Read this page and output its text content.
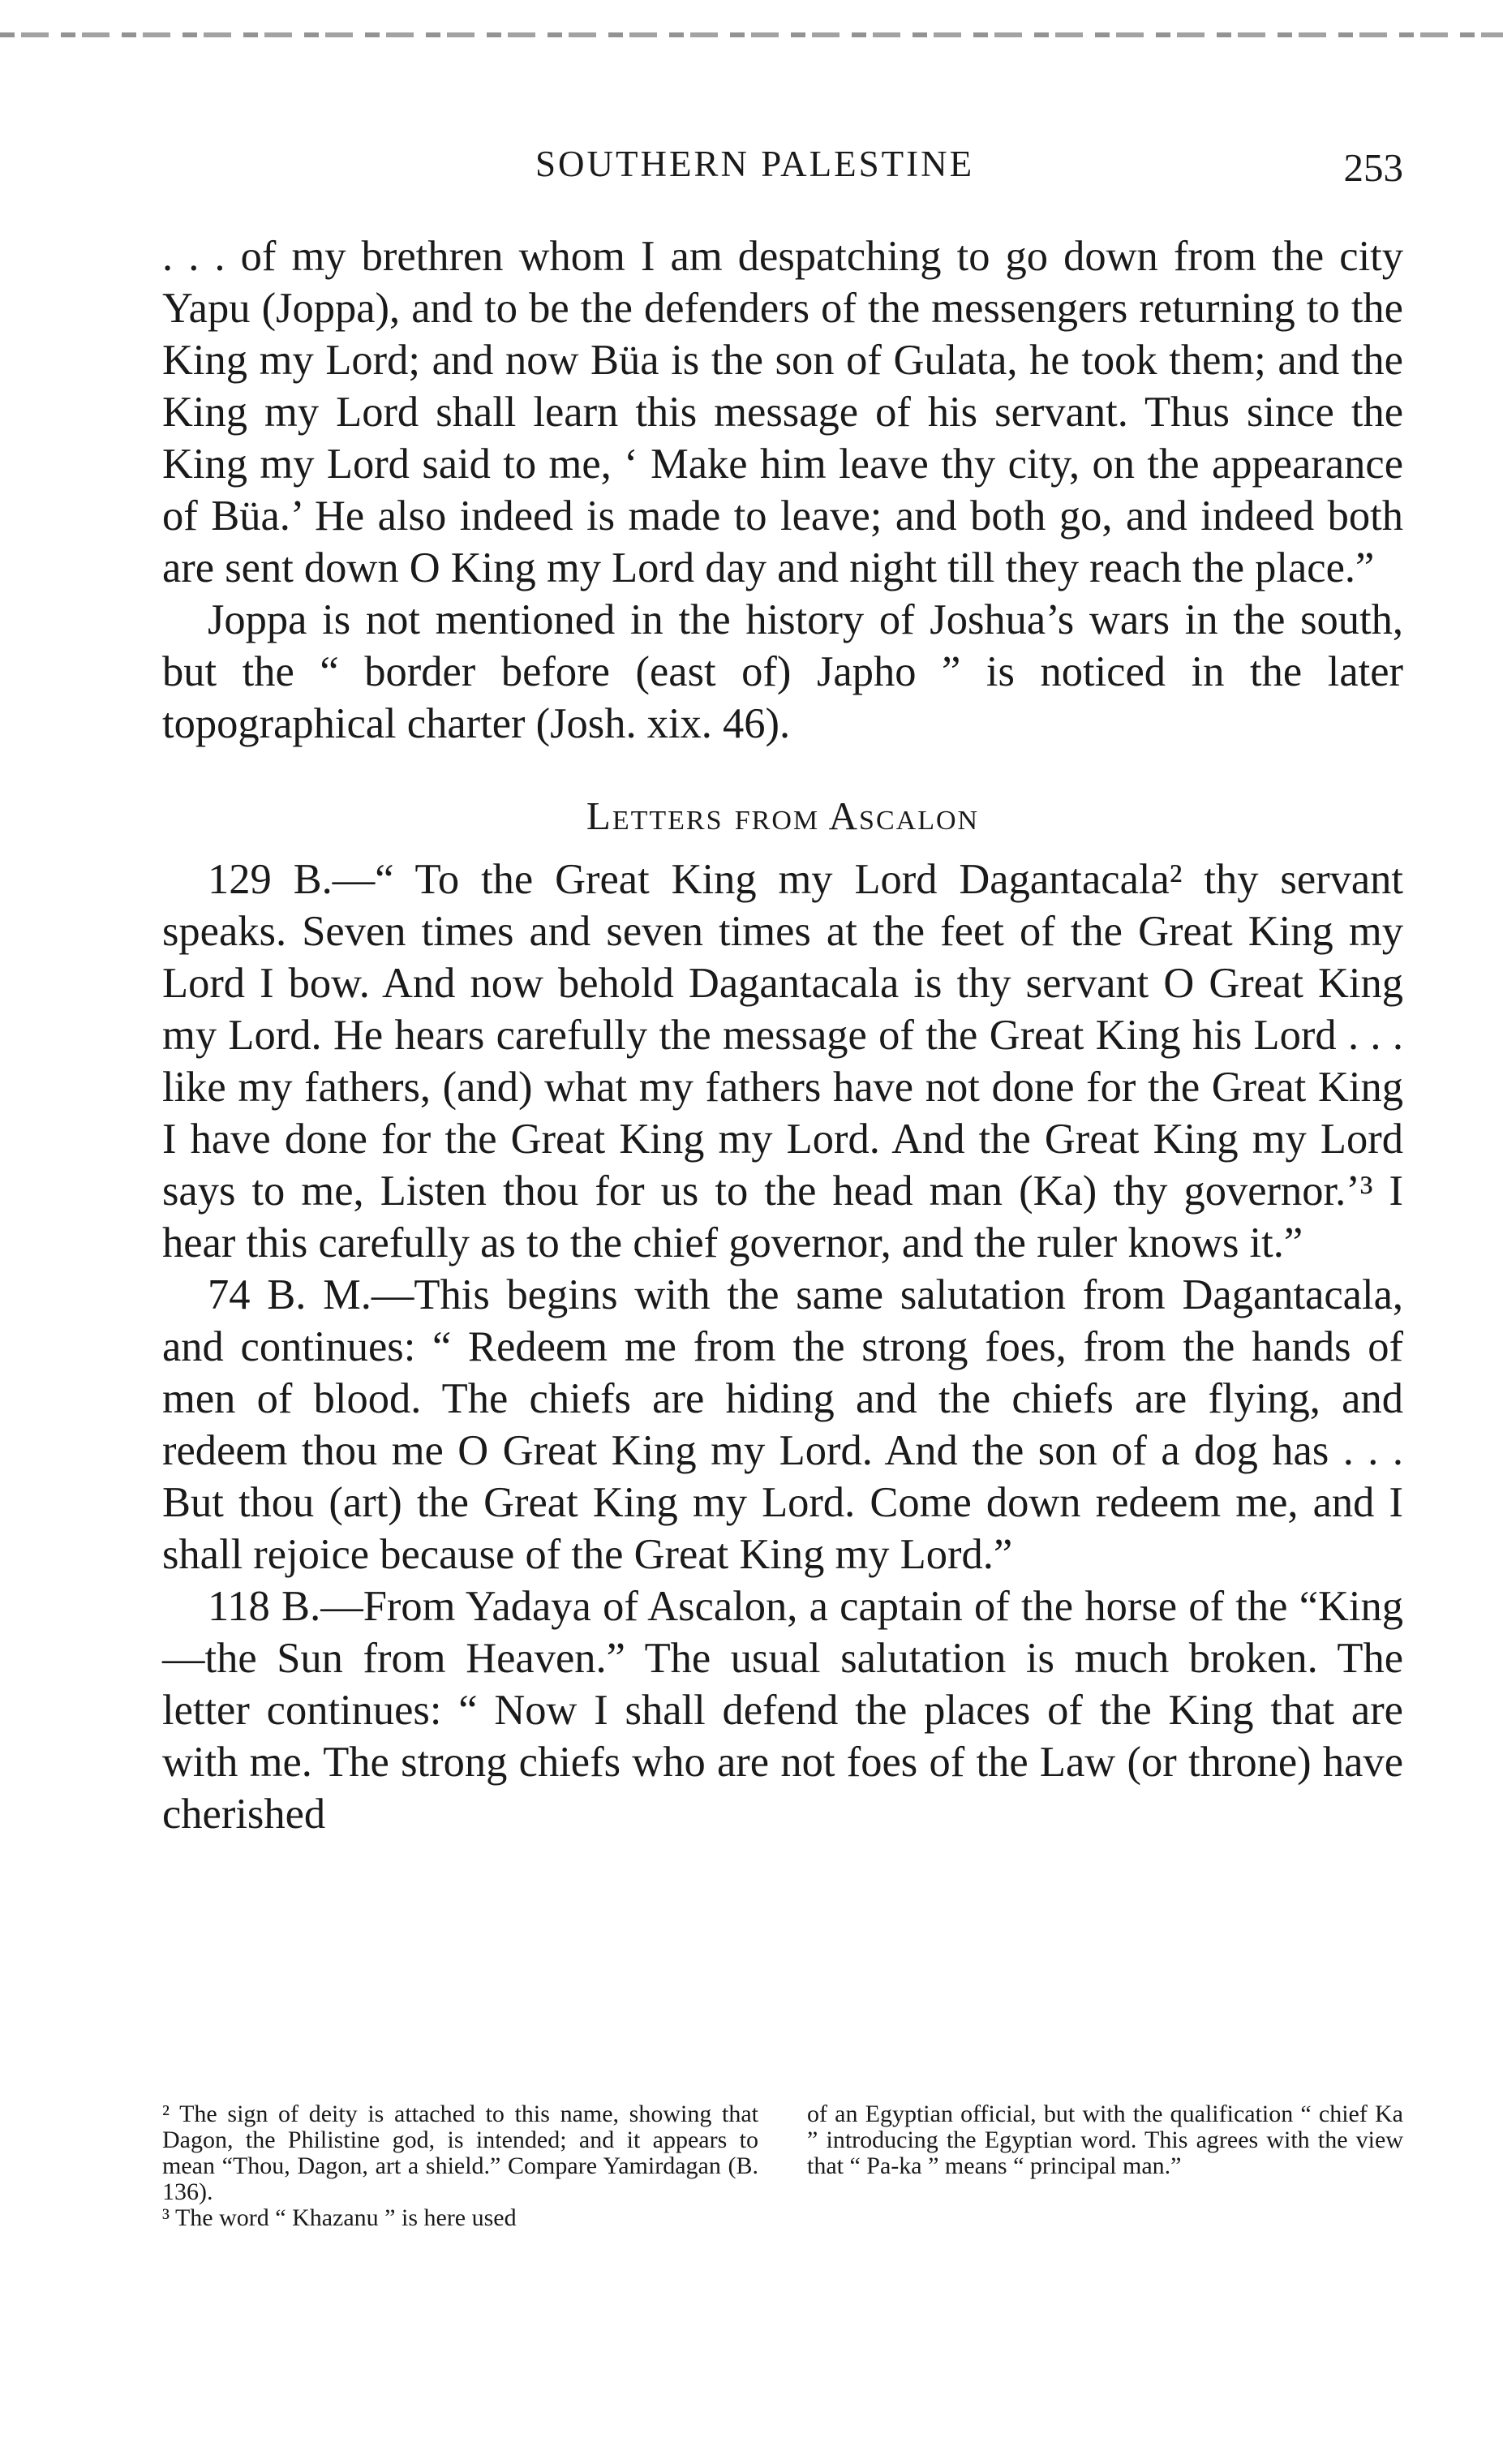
SOUTHERN PALESTINE	253

. . . of my brethren whom I am despatching to go down from the city Yapu (Joppa), and to be the defenders of the messengers returning to the King my Lord; and now Büa is the son of Gulata, he took them; and the King my Lord shall learn this message of his servant. Thus since the King my Lord said to me, ‘ Make him leave thy city, on the appearance of Büa.’ He also indeed is made to leave; and both go, and indeed both are sent down O King my Lord day and night till they reach the place.”

Joppa is not mentioned in the history of Joshua’s wars in the south, but the “ border before (east of) Japho ” is noticed in the later topographical charter (Josh. xix. 46).

Letters from Ascalon

129 B.—“ To the Great King my Lord Dagantacala² thy servant speaks. Seven times and seven times at the feet of the Great King my Lord I bow. And now behold Dagantacala is thy servant O Great King my Lord. He hears carefully the message of the Great King his Lord . . . like my fathers, (and) what my fathers have not done for the Great King I have done for the Great King my Lord. And the Great King my Lord says to me, Listen thou for us to the head man (Ka) thy governor.’³ I hear this carefully as to the chief governor, and the ruler knows it.”

74 B. M.—This begins with the same salutation from Dagantacala, and continues: “ Redeem me from the strong foes, from the hands of men of blood. The chiefs are hiding and the chiefs are flying, and redeem thou me O Great King my Lord. And the son of a dog has . . . But thou (art) the Great King my Lord. Come down redeem me, and I shall rejoice because of the Great King my Lord.”

118 B.—From Yadaya of Ascalon, a captain of the horse of the “King—the Sun from Heaven.” The usual salutation is much broken. The letter continues: “ Now I shall defend the places of the King that are with me. The strong chiefs who are not foes of the Law (or throne) have cherished

² The sign of deity is attached to this name, showing that Dagon, the Philistine god, is intended; and it appears to mean “Thou, Dagon, art a shield.” Compare Yamirdagan (B. 136).

³ The word “ Khazanu ” is here used

of an Egyptian official, but with the qualification “ chief Ka ” introducing the Egyptian word. This agrees with the view that “ Pa-ka ” means “ principal man.”
